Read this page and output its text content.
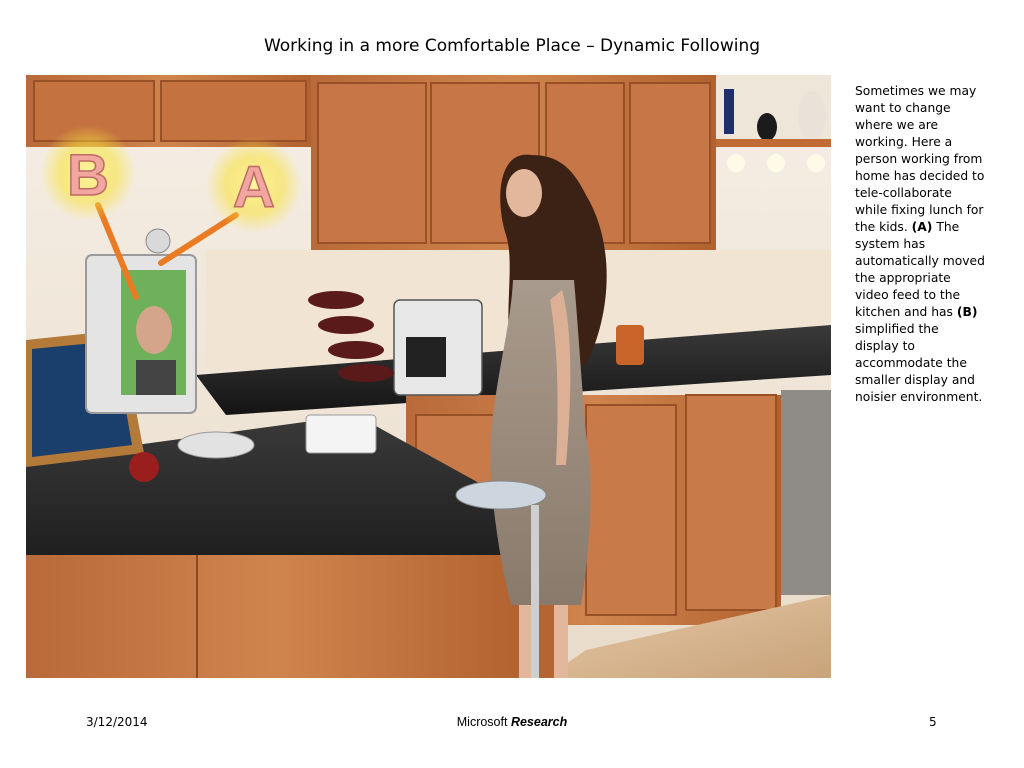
Working in a more Comfortable Place – Dynamic Following
B A
Sometimes we may want to change where we are working. Here a person working from home has decided to tele-collaborate while fixing lunch for the kids. (A) The system has automatically moved the appropriate video feed to the kitchen and has (B) simplified the display to accommodate the smaller display and noisier environment.
3/12/2014	Microsoft Research	5
